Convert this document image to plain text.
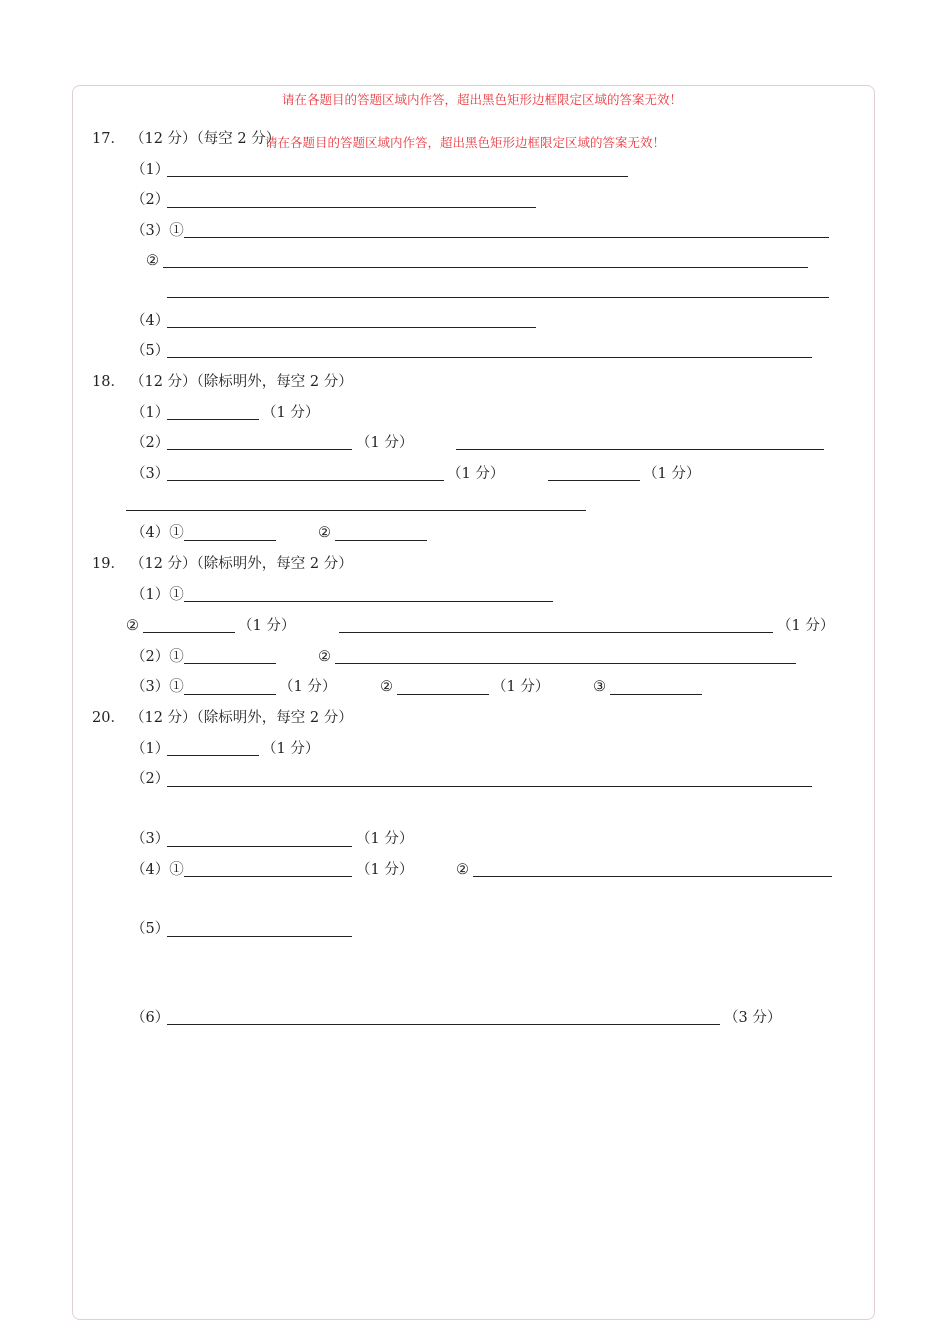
请在各题目的答题区域内作答，超出黑色矩形边框限定区域的答案无效！
请在各题目的答题区域内作答，超出黑色矩形边框限定区域的答案无效！
17． （12 分）（每空 2 分）
（1）
（2）
（3）①
②
（4）
（5）
18． （12 分）（除标明外，每空 2 分）
（1）	（1 分）
（2）	（1 分）
（3）	（1 分）	（1 分）
（4）①	②
19． （12 分）（除标明外，每空 2 分）
（1）①
②	（1 分）	（1 分）
（2）①	②
（3）①	（1 分）	②	（1 分）	③
20． （12 分）（除标明外，每空 2 分）
（1）	（1 分）
（2）
（3）	（1 分）
（4）①	（1 分）	②
（5）
（6）	（3 分）
